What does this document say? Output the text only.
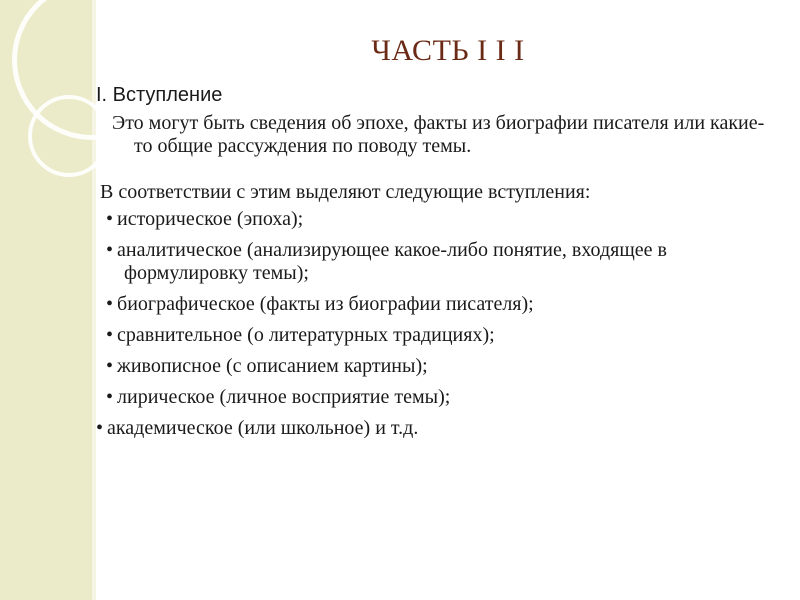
ЧАСТЬ I I I
I. Вступление
Это могут быть сведения об эпохе, факты из биографии писателя или какие-то общие рассуждения по поводу темы.
В соответствии с этим выделяют следующие вступления:
• историческое (эпоха);
• аналитическое (анализирующее какое-либо понятие, входящее в формулировку темы);
• биографическое (факты из биографии писателя);
• сравнительное (о литературных традициях);
• живописное (с описанием картины);
• лирическое (личное восприятие темы);
• академическое (или школьное) и т.д.
